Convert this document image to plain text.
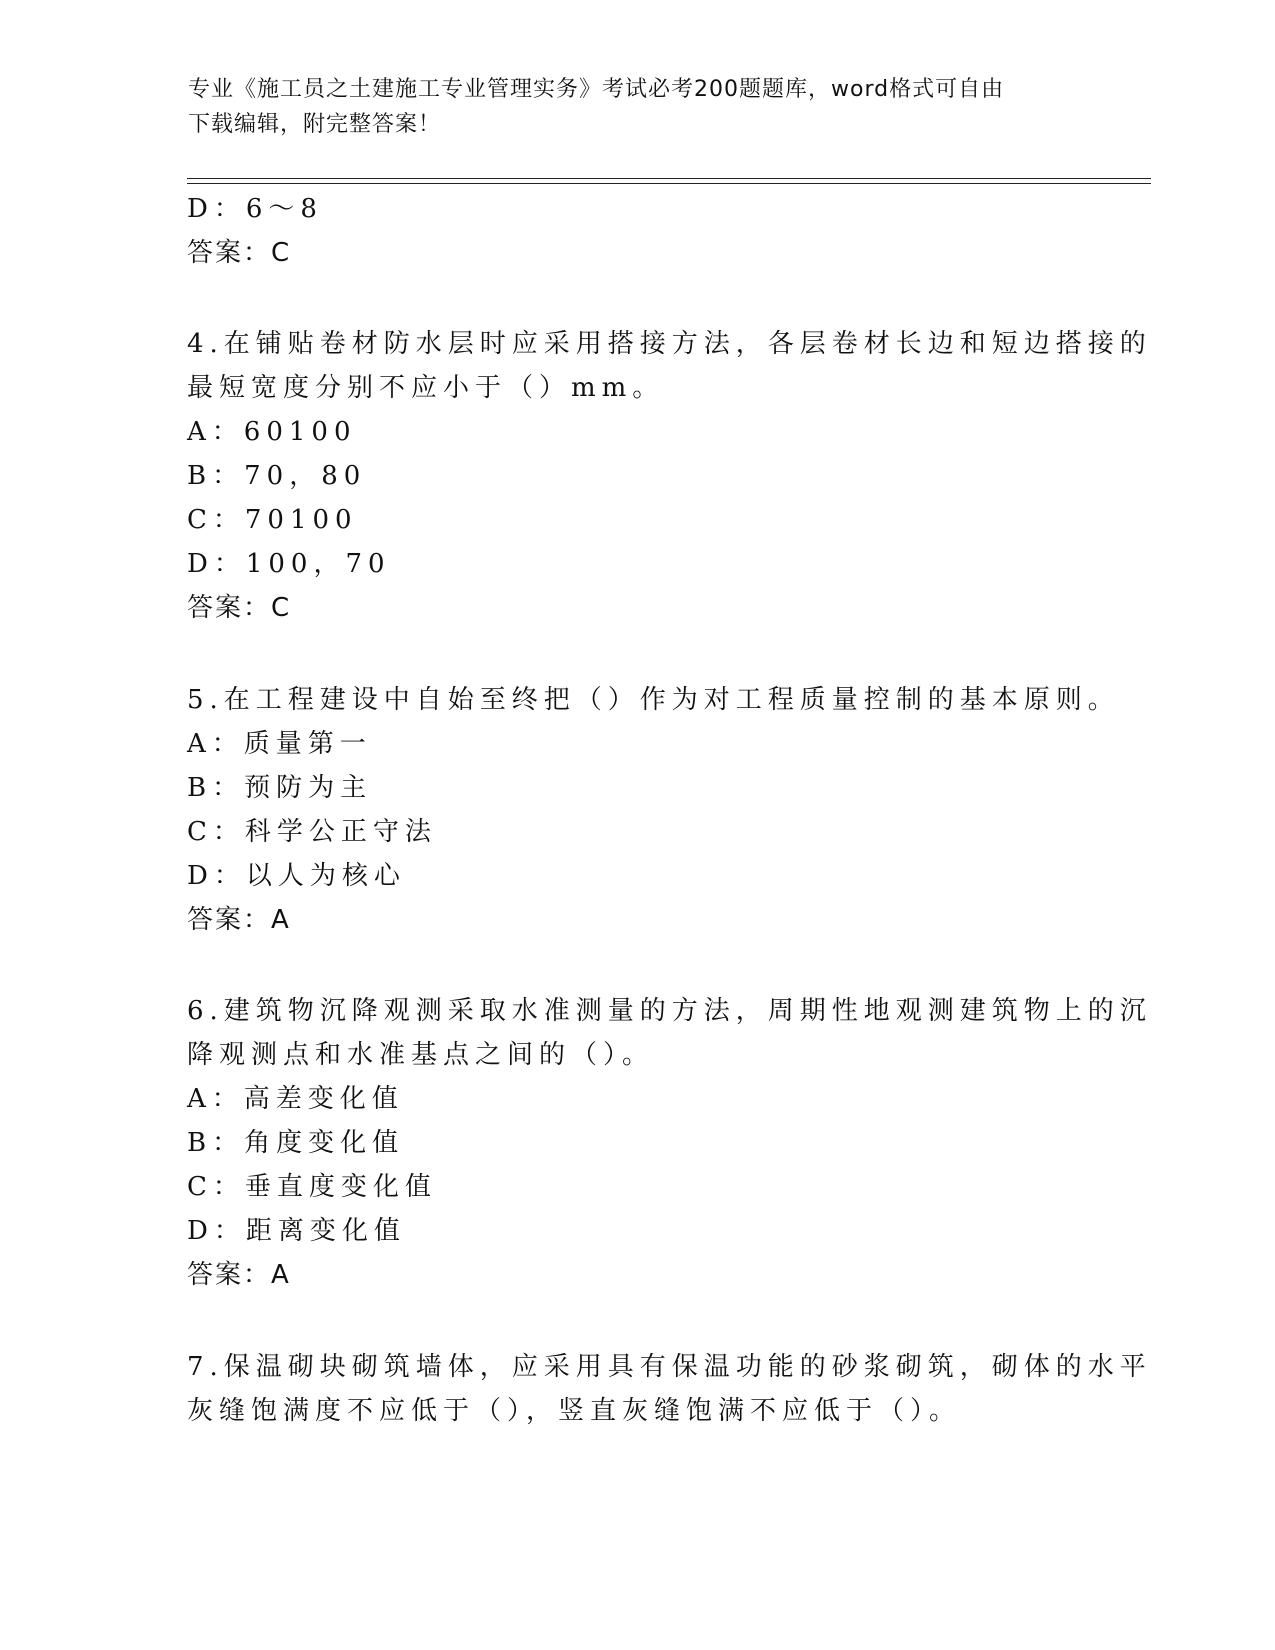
专业《施工员之土建施工专业管理实务》考试必考200题题库，word格式可自由
下载编辑，附完整答案！
D：6～8
答案：C
4.在铺贴卷材防水层时应采用搭接方法，各层卷材长边和短边搭接的
最短宽度分别不应小于（）mm。
A：60100
B：70，80
C：70100
D：100，70
答案：C
5.在工程建设中自始至终把（）作为对工程质量控制的基本原则。
A：质量第一
B：预防为主
C：科学公正守法
D：以人为核心
答案：A
6.建筑物沉降观测采取水准测量的方法，周期性地观测建筑物上的沉
降观测点和水准基点之间的（）。
A：高差变化值
B：角度变化值
C：垂直度变化值
D：距离变化值
答案：A
7.保温砌块砌筑墙体，应采用具有保温功能的砂浆砌筑，砌体的水平
灰缝饱满度不应低于（），竖直灰缝饱满不应低于（）。
